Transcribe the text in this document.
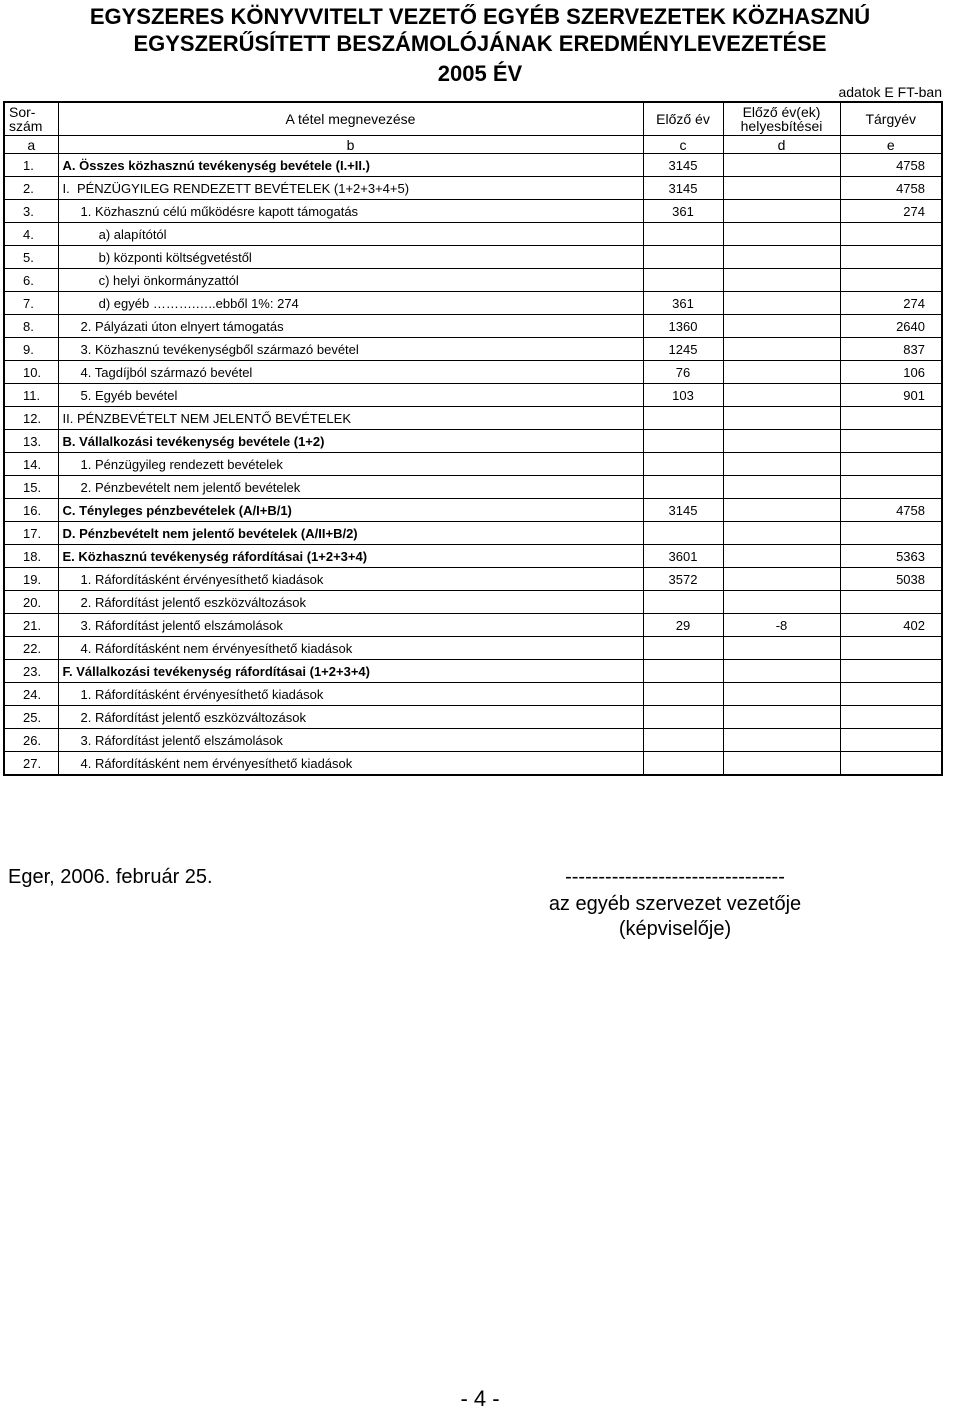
EGYSZERES KÖNYVVITELT VEZETŐ EGYÉB SZERVEZETEK KÖZHASZNÚ
EGYSZERŰSÍTETT BESZÁMOLÓJÁNAK EREDMÉNYLEVEZETÉSE
2005 ÉV
adatok E FT-ban
Sor-
szám	A tétel megnevezése	Előző év	Előző év(ek)
helyesbítései	Tárgyév
a	b	c	d	e
1.	A. Összes közhasznú tevékenység bevétele (I.+II.)	3145		4758
2.	I.  PÉNZÜGYILEG RENDEZETT BEVÉTELEK (1+2+3+4+5)	3145		4758
3.	1. Közhasznú célú működésre kapott támogatás	361		274
4.	a) alapítótól			
5.	b) központi költségvetéstől			
6.	c) helyi önkormányzattól			
7.	d) egyéb ……….…..ebből 1%: 274	361		274
8.	2. Pályázati úton elnyert támogatás	1360		2640
9.	3. Közhasznú tevékenységből származó bevétel	1245		837
10.	4. Tagdíjból származó bevétel	76		106
11.	5. Egyéb bevétel	103		901
12.	II. PÉNZBEVÉTELT NEM JELENTŐ BEVÉTELEK			
13.	B. Vállalkozási tevékenység bevétele (1+2)			
14.	1. Pénzügyileg rendezett bevételek			
15.	2. Pénzbevételt nem jelentő bevételek			
16.	C. Tényleges pénzbevételek (A/I+B/1)	3145		4758
17.	D. Pénzbevételt nem jelentő bevételek (A/II+B/2)			
18.	E. Közhasznú tevékenység ráfordításai (1+2+3+4)	3601		5363
19.	1. Ráfordításként érvényesíthető kiadások	3572		5038
20.	2. Ráfordítást jelentő eszközváltozások			
21.	3. Ráfordítást jelentő elszámolások	29	-8	402
22.	4. Ráfordításként nem érvényesíthető kiadások			
23.	F. Vállalkozási tevékenység ráfordításai (1+2+3+4)			
24.	1. Ráfordításként érvényesíthető kiadások			
25.	2. Ráfordítást jelentő eszközváltozások			
26.	3. Ráfordítást jelentő elszámolások			
27.	4. Ráfordításként nem érvényesíthető kiadások			
Eger, 2006. február 25.	---------------------------------
az egyéb szervezet vezetője
(képviselője)
- 4 -
